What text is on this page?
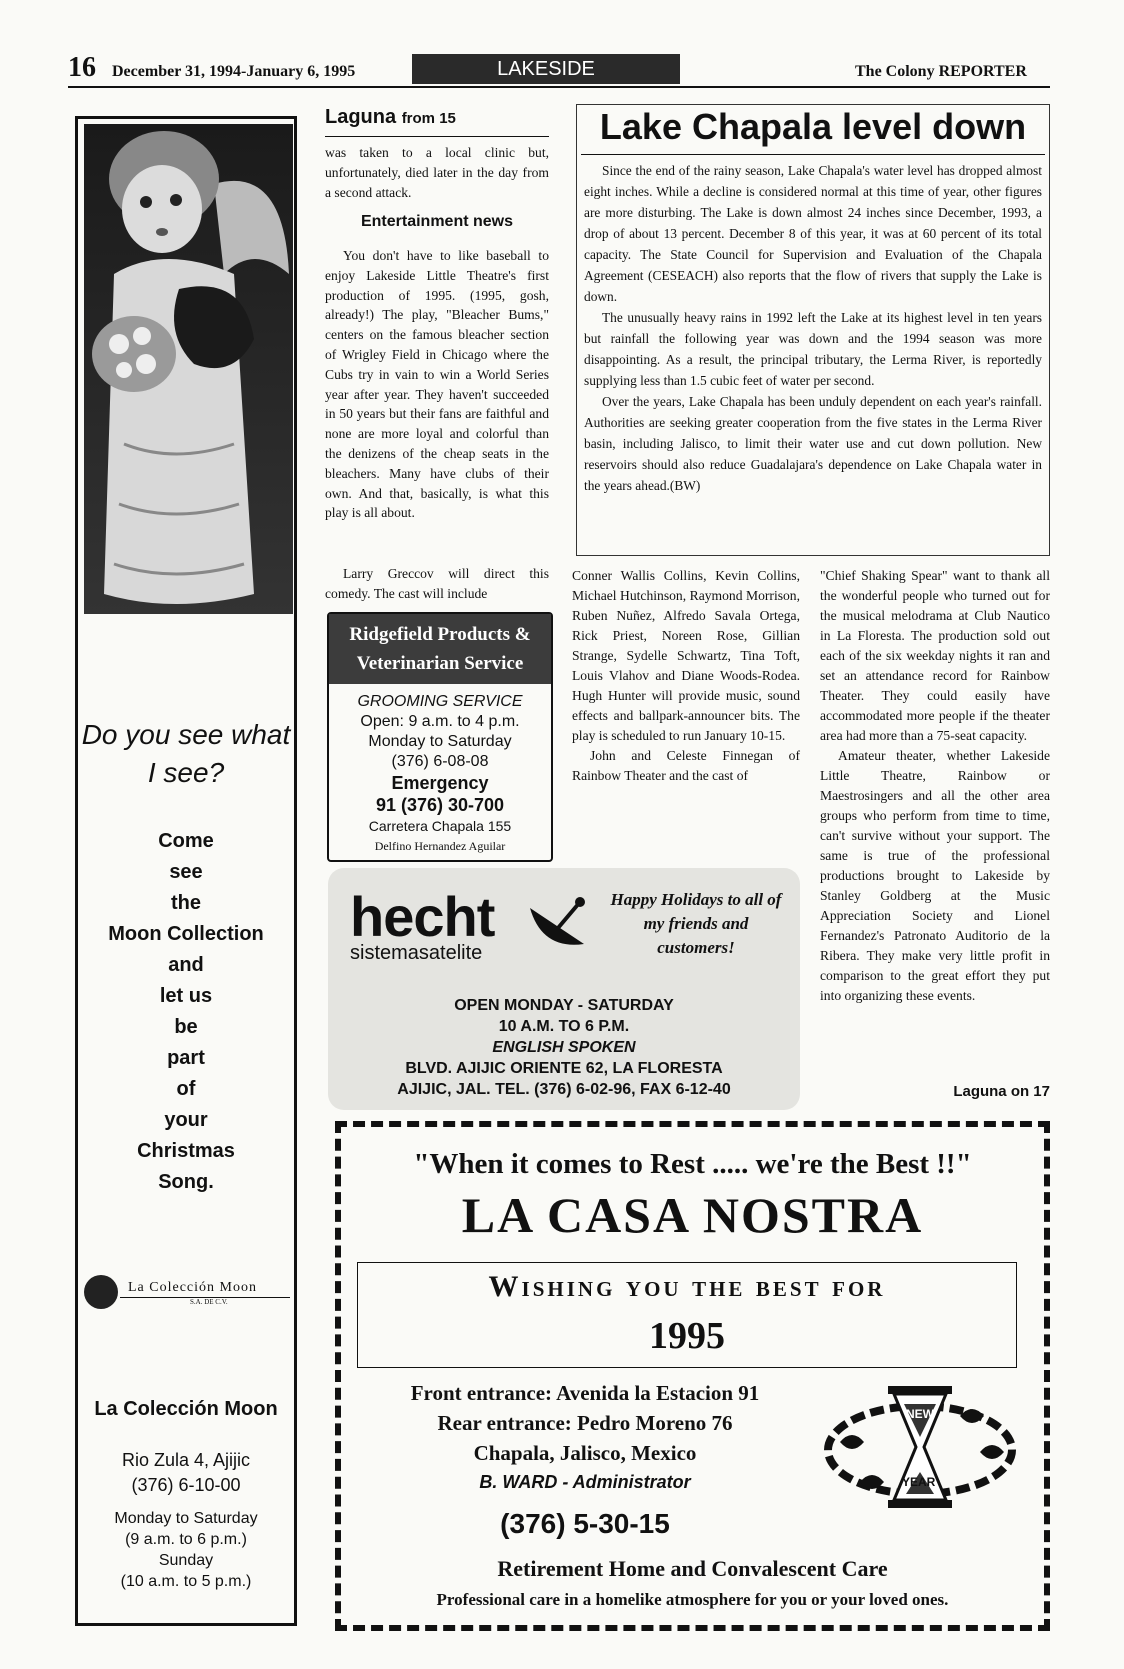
16 December 31, 1994-January 6, 1995	LAKESIDE	The Colony REPORTER
Do you see what I see?
Come
see
the
Moon Collection
and
let us
be
part
of
your
Christmas
Song.
La Colección Moon
S.A. DE C.V.
La Colección Moon
Rio Zula 4, Ajijic
(376) 6-10-00
Monday to Saturday
(9 a.m. to 6 p.m.)
Sunday
(10 a.m. to 5 p.m.)
Laguna from 15

was taken to a local clinic but, unfortunately, died later in the day from a second attack.

Entertainment news

You don't have to like baseball to enjoy Lakeside Little Theatre's first production of 1995. (1995, gosh, already!) The play, "Bleacher Bums," centers on the famous bleacher section of Wrigley Field in Chicago where the Cubs try in vain to win a World Series year after year. They haven't succeeded in 50 years but their fans are faithful and none are more loyal and colorful than the denizens of the cheap seats in the bleachers. Many have clubs of their own. And that, basically, is what this play is all about.

Larry Greccov will direct this comedy. The cast will include

Ridgefield Products & Veterinarian Service
GROOMING SERVICE
Open: 9 a.m. to 4 p.m.
Monday to Saturday
(376) 6-08-08
Emergency
91 (376) 30-700
Carretera Chapala 155
Delfino Hernandez Aguilar
Lake Chapala level down

Since the end of the rainy season, Lake Chapala's water level has dropped almost eight inches. While a decline is considered normal at this time of year, other figures are more disturbing. The Lake is down almost 24 inches since December, 1993, a drop of about 13 percent. December 8 of this year, it was at 60 percent of its total capacity. The State Council for Supervision and Evaluation of the Chapala Agreement (CESEACH) also reports that the flow of rivers that supply the Lake is down.

The unusually heavy rains in 1992 left the Lake at its highest level in ten years but rainfall the following year was down and the 1994 season was more disappointing. As a result, the principal tributary, the Lerma River, is reportedly supplying less than 1.5 cubic feet of water per second.

Over the years, Lake Chapala has been unduly dependent on each year's rainfall. Authorities are seeking greater cooperation from the five states in the Lerma River basin, including Jalisco, to limit their water use and cut down pollution. New reservoirs should also reduce Guadalajara's dependence on Lake Chapala water in the years ahead.(BW)

Conner Wallis Collins, Kevin Collins, Michael Hutchinson, Raymond Morrison, Ruben Nuñez, Alfredo Savala Ortega, Rick Priest, Noreen Rose, Gillian Strange, Sydelle Schwartz, Tina Toft, Louis Vlahov and Diane Woods-Rodea. Hugh Hunter will provide music, sound effects and ballpark-announcer bits. The play is scheduled to run January 10-15.

John and Celeste Finnegan of Rainbow Theater and the cast of

"Chief Shaking Spear" want to thank all the wonderful people who turned out for the musical melodrama at Club Nautico in La Floresta. The production sold out each of the six weekday nights it ran and set an attendance record for Rainbow Theater. They could easily have accommodated more people if the theater area had more than a 75-seat capacity.

Amateur theater, whether Lakeside Little Theatre, Rainbow or Maestrosingers and all the other area groups who perform from time to time, can't survive without your support. The same is true of the professional productions brought to Lakeside by Stanley Goldberg at the Music Appreciation Society and Lionel Fernandez's Patronato Auditorio de la Ribera. They make very little profit in comparison to the great effort they put into organizing these events.

Laguna on 17
hecht
sistemasatelite
Happy Holidays to all of my friends and customers!
OPEN MONDAY - SATURDAY
10 A.M. TO 6 P.M.
ENGLISH SPOKEN
BLVD. AJIJIC ORIENTE 62, LA FLORESTA
AJIJIC, JAL. TEL. (376) 6-02-96, FAX 6-12-40
"When it comes to Rest ..... we're the Best !!"
LA CASA NOSTRA
Wishing you the best for
1995
Front entrance: Avenida la Estacion 91
Rear entrance: Pedro Moreno 76
Chapala, Jalisco, Mexico
B. WARD - Administrator
(376) 5-30-15
NEW
YEAR
Retirement Home and Convalescent Care
Professional care in a homelike atmosphere for you or your loved ones.
